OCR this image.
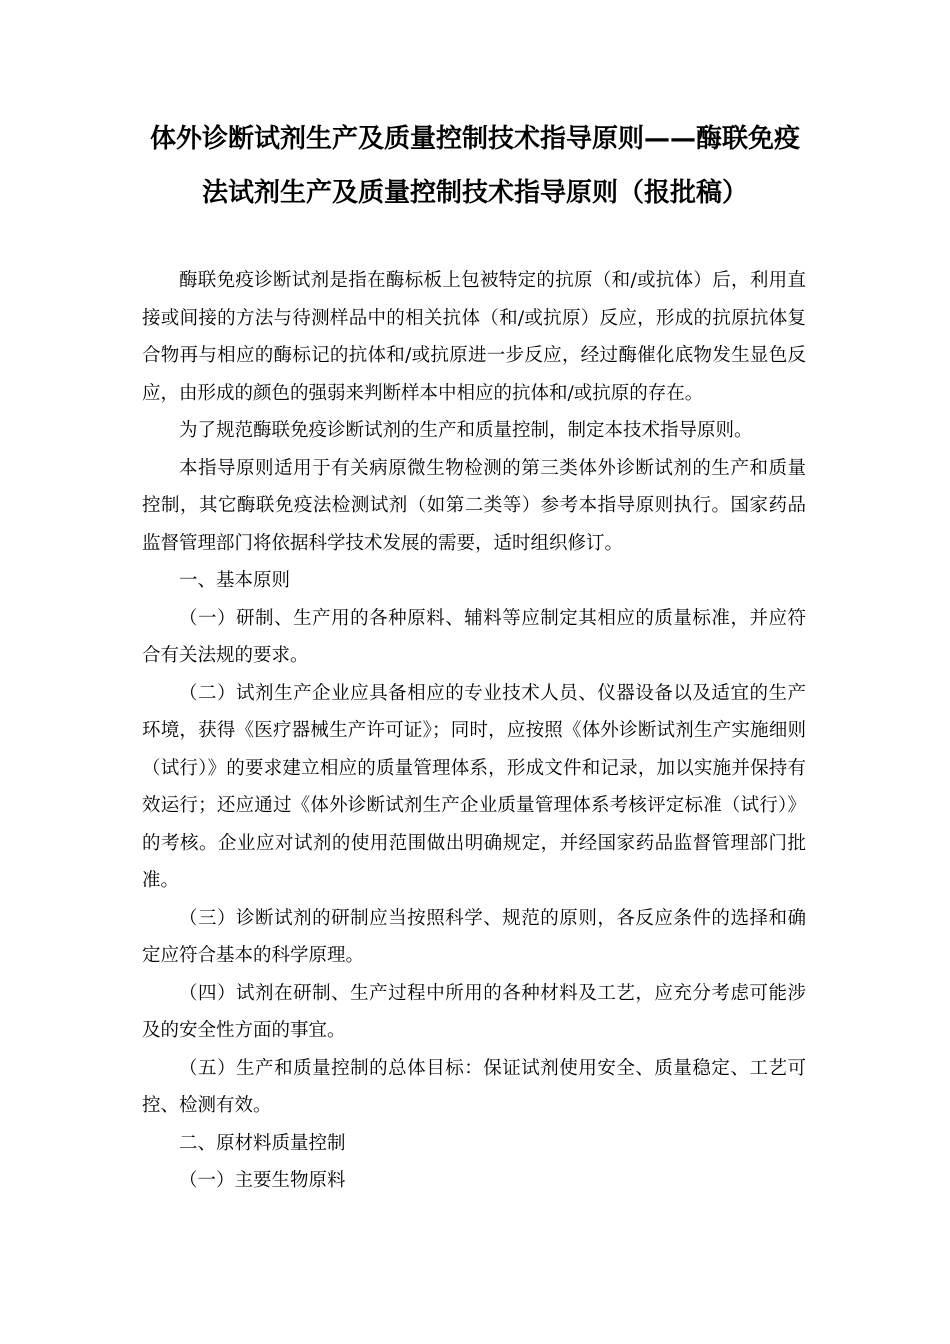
体外诊断试剂生产及质量控制技术指导原则——酶联免疫
法试剂生产及质量控制技术指导原则（报批稿）

酶联免疫诊断试剂是指在酶标板上包被特定的抗原（和/或抗体）后，利用直接或间接的方法与待测样品中的相关抗体（和/或抗原）反应，形成的抗原抗体复合物再与相应的酶标记的抗体和/或抗原进一步反应，经过酶催化底物发生显色反应，由形成的颜色的强弱来判断样本中相应的抗体和/或抗原的存在。

为了规范酶联免疫诊断试剂的生产和质量控制，制定本技术指导原则。

本指导原则适用于有关病原微生物检测的第三类体外诊断试剂的生产和质量控制，其它酶联免疫法检测试剂（如第二类等）参考本指导原则执行。国家药品监督管理部门将依据科学技术发展的需要，适时组织修订。

一、基本原则

（一）研制、生产用的各种原料、辅料等应制定其相应的质量标准，并应符合有关法规的要求。

（二）试剂生产企业应具备相应的专业技术人员、仪器设备以及适宜的生产环境，获得《医疗器械生产许可证》；同时，应按照《体外诊断试剂生产实施细则（试行）》的要求建立相应的质量管理体系，形成文件和记录，加以实施并保持有效运行；还应通过《体外诊断试剂生产企业质量管理体系考核评定标准（试行）》的考核。企业应对试剂的使用范围做出明确规定，并经国家药品监督管理部门批准。

（三）诊断试剂的研制应当按照科学、规范的原则，各反应条件的选择和确定应符合基本的科学原理。

（四）试剂在研制、生产过程中所用的各种材料及工艺，应充分考虑可能涉及的安全性方面的事宜。

（五）生产和质量控制的总体目标：保证试剂使用安全、质量稳定、工艺可控、检测有效。

二、原材料质量控制

（一）主要生物原料
